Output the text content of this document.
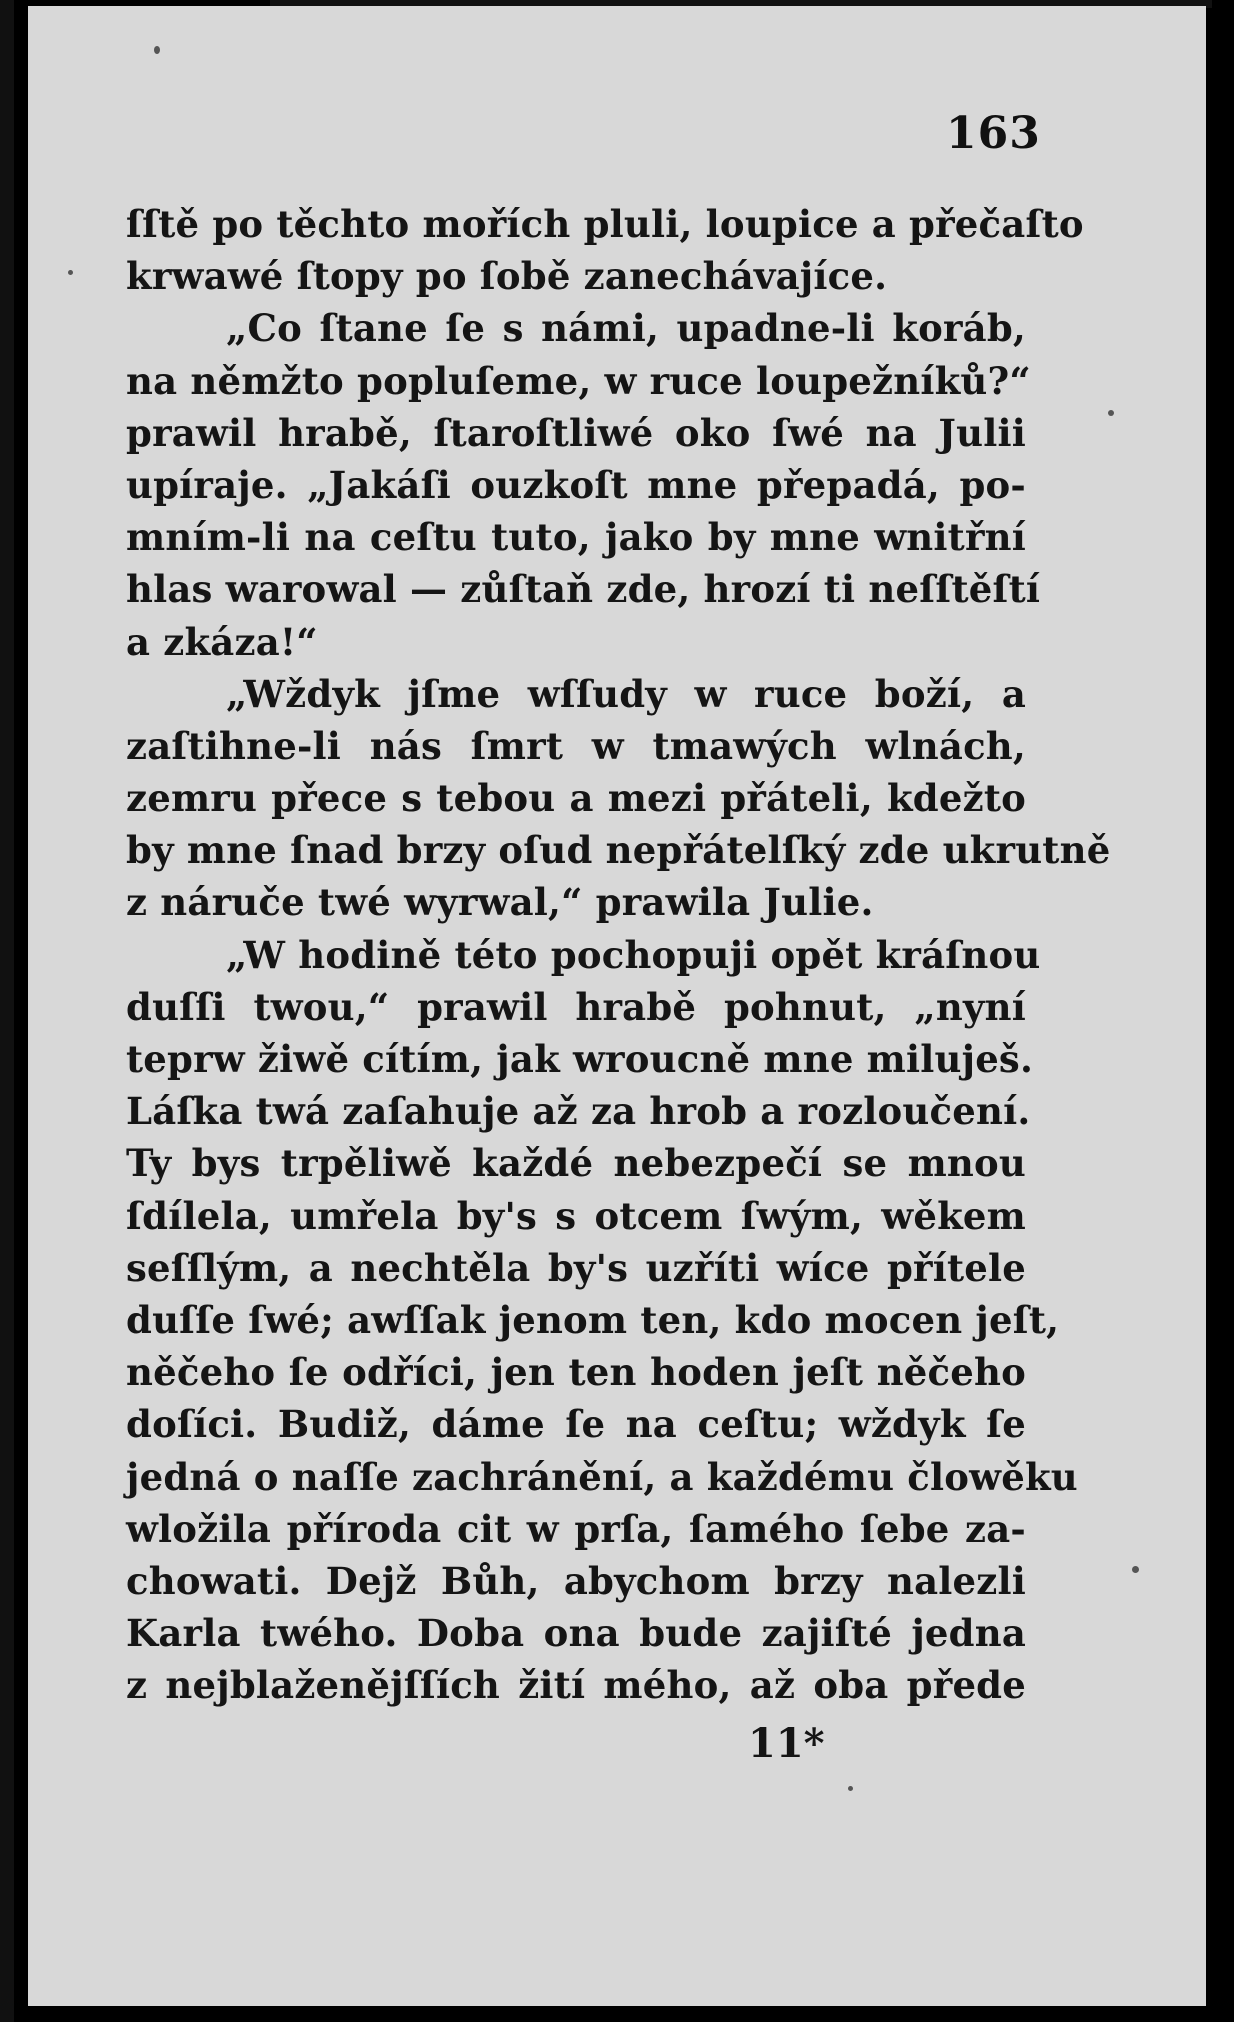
163
ſſtě po těchto mořích pluli, loupice a přečaſto
krwawé ſtopy po ſobě zanechávajíce.
„Co ſtane ſe s námi, upadne-li koráb,
na němžto popluſeme, w ruce loupežníků?“
prawil hrabě, ſtaroſtliwé oko ſwé na Julii
upíraje. „Jakáſi ouzkoſt mne přepadá, po-
mním-li na ceſtu tuto, jako by mne wnitřní
hlas warowal — zůſtaň zde, hrozí ti neſſtěſtí
a zkáza!“
„Wždyk jſme wſſudy w ruce boží, a
zaſtihne-li nás ſmrt w tmawých wlnách,
zemru přece s tebou a mezi přáteli, kdežto
by mne ſnad brzy oſud nepřátelſký zde ukrutně
z náruče twé wyrwal,“ prawila Julie.
„W hodině této pochopuji opět kráſnou
duſſi twou,“ prawil hrabě pohnut, „nyní
teprw žiwě cítím, jak wroucně mne miluješ.
Láſka twá zaſahuje až za hrob a rozloučení.
Ty bys trpěliwě každé nebezpečí se mnou
ſdílela, umřela by's s otcem ſwým, wěkem
seſſlým, a nechtěla by's uzříti wíce přítele
duſſe ſwé; awſſak jenom ten, kdo mocen jeſt,
něčeho ſe odříci, jen ten hoden jeſt něčeho
doſíci. Budiž, dáme ſe na ceſtu; wždyk ſe
jedná o naſſe zachránění, a každému člowěku
wložila příroda cit w prſa, ſamého ſebe za-
chowati. Dejž Bůh, abychom brzy nalezli
Karla twého. Doba ona bude zajiſté jedna
z nejblaženějſſích žití mého, až oba přede
11*
